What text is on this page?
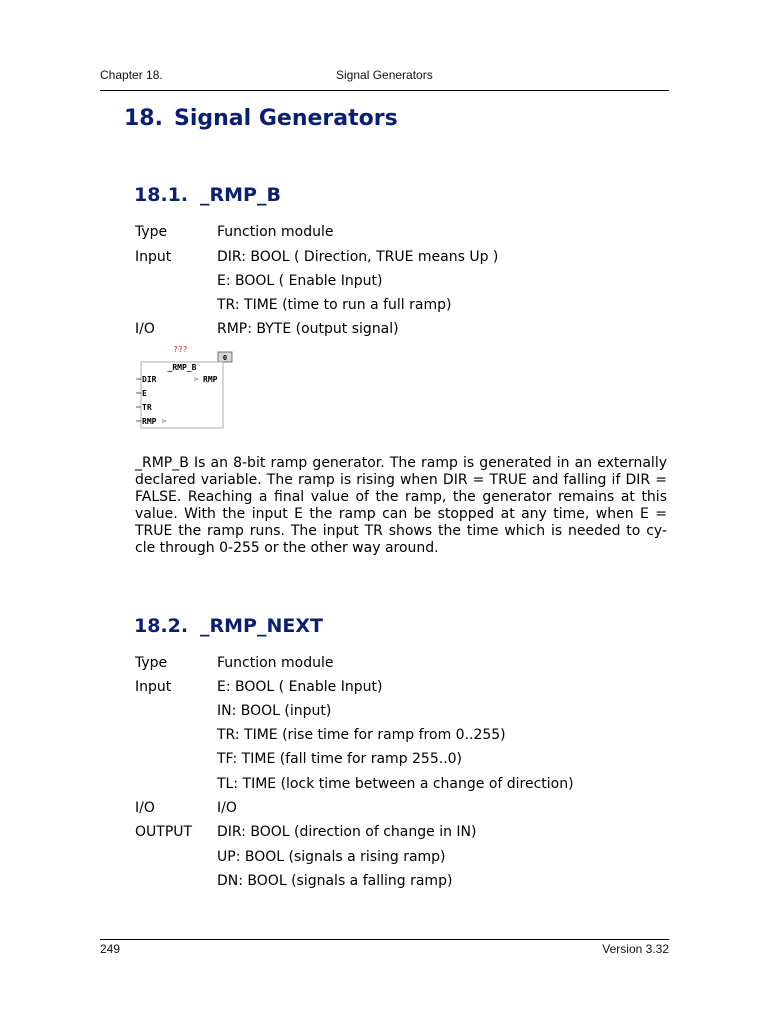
Chapter 18.	Signal Generators
18. Signal Generators
18.1. _RMP_B
Type	Function module
Input	DIR: BOOL ( Direction, TRUE means Up )
E: BOOL ( Enable Input)
TR: TIME (time to run a full ramp)
I/O	RMP: BYTE (output signal)
???
0
_RMP_B
DIR	⊳ RMP
E
TR
RMP ⊳

_RMP_B Is an 8-bit ramp generator. The ramp is generated in an externally
declared variable. The ramp is rising when DIR = TRUE and falling if DIR =
FALSE. Reaching a final value of the ramp, the generator remains at this
value. With the input E the ramp can be stopped at any time, when E =
TRUE the ramp runs. The input TR shows the time which is needed to cy-
cle through 0-255 or the other way around.

18.2. _RMP_NEXT
Type	Function module
Input	E: BOOL ( Enable Input)
IN: BOOL (input)
TR: TIME (rise time for ramp from 0..255)
TF: TIME (fall time for ramp 255..0)
TL: TIME (lock time between a change of direction)
I/O	I/O
OUTPUT DIR: BOOL (direction of change in IN)
UP: BOOL (signals a rising ramp)
DN: BOOL (signals a falling ramp)
249	Version 3.32
